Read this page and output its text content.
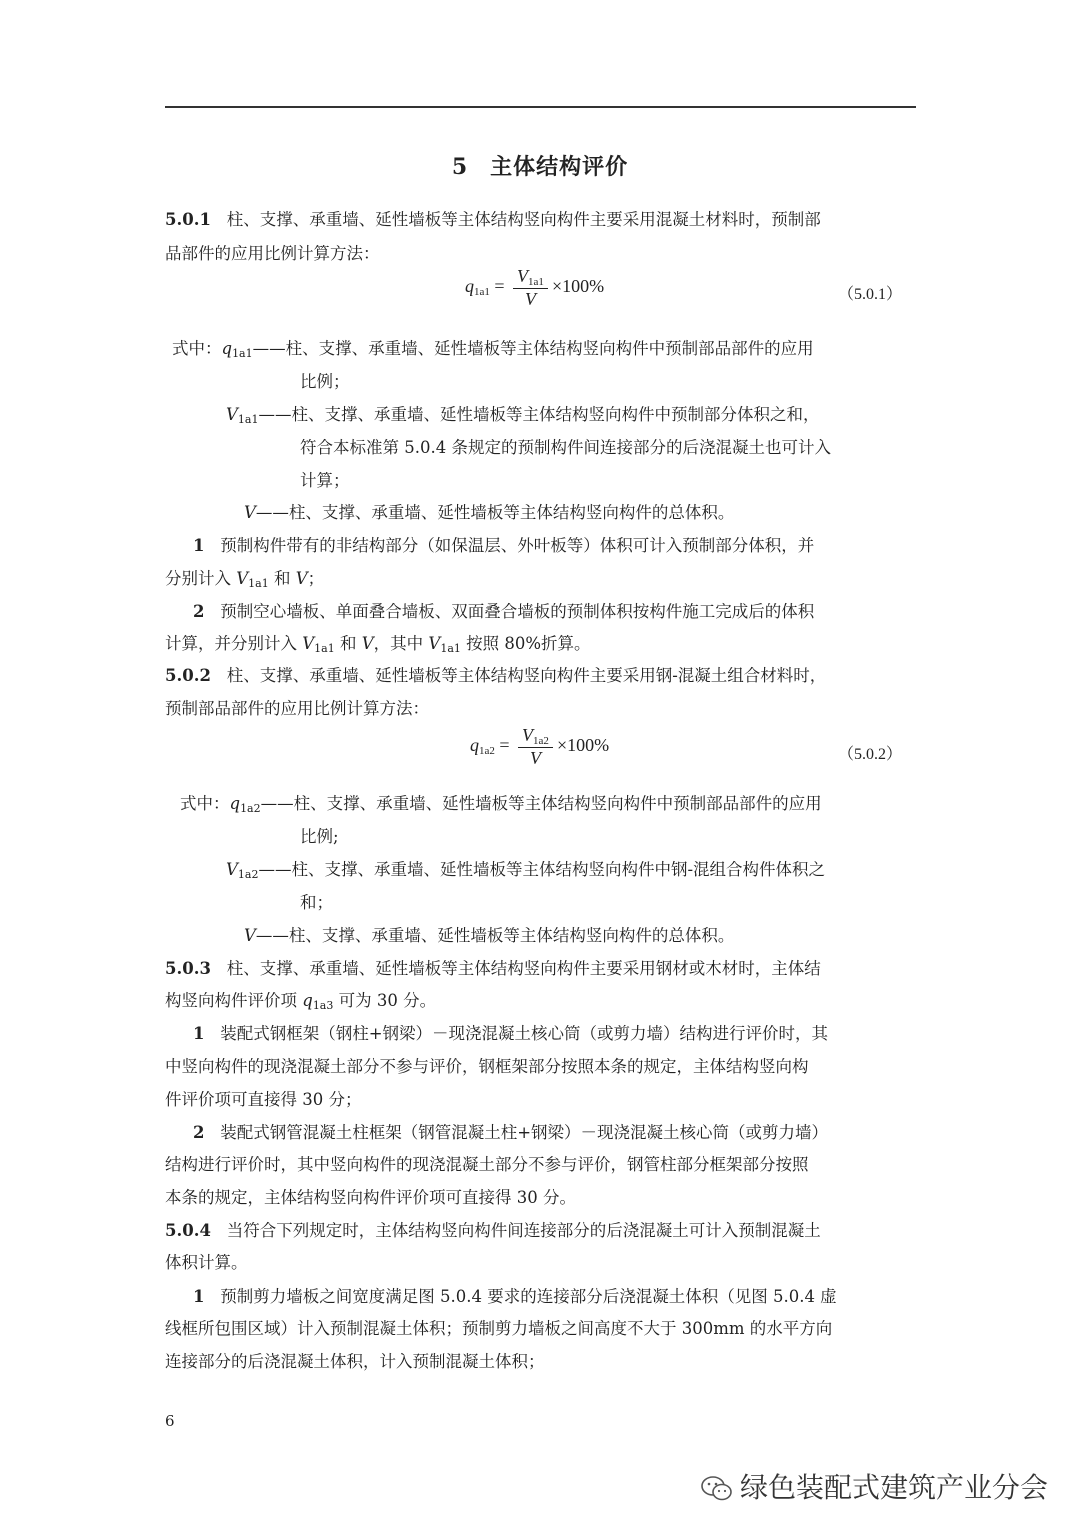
5 主体结构评价
5.0.1 柱、支撑、承重墙、延性墙板等主体结构竖向构件主要采用混凝土材料时，预制部
品部件的应用比例计算方法：
$q_{1a1} = \frac{V_{1a1}}{V} \times 100\%$	（5.0.1）
式中：$q_{1a1}——$柱、支撑、承重墙、延性墙板等主体结构竖向构件中预制部品部件的应用
比例；
$V_{1a1}——$柱、支撑、承重墙、延性墙板等主体结构竖向构件中预制部分体积之和，
符合本标准第 5.0.4 条规定的预制构件间连接部分的后浇混凝土也可计入
计算；
V——柱、支撑、承重墙、延性墙板等主体结构竖向构件的总体积。
1 预制构件带有的非结构部分（如保温层、外叶板等）体积可计入预制部分体积，并
分别计入 $V_{1a1}$ 和 V；
2 预制空心墙板、单面叠合墙板、双面叠合墙板的预制体积按构件施工完成后的体积
计算，并分别计入 $V_{1a1}$ 和 V，其中 $V_{1a1}$ 按照 80%折算。
5.0.2 柱、支撑、承重墙、延性墙板等主体结构竖向构件主要采用钢-混凝土组合材料时，
预制部品部件的应用比例计算方法：
$q_{1a2} = \frac{V_{1a2}}{V} \times 100\%$	（5.0.2）
式中：$q_{1a2}——$柱、支撑、承重墙、延性墙板等主体结构竖向构件中预制部品部件的应用
比例;
$V_{1a2}——$柱、支撑、承重墙、延性墙板等主体结构竖向构件中钢-混组合构件体积之
和；
V——柱、支撑、承重墙、延性墙板等主体结构竖向构件的总体积。
5.0.3 柱、支撑、承重墙、延性墙板等主体结构竖向构件主要采用钢材或木材时，主体结
构竖向构件评价项 $q_{1a3}$ 可为 30 分。
1 装配式钢框架（钢柱+钢梁）－现浇混凝土核心筒（或剪力墙）结构进行评价时，其
中竖向构件的现浇混凝土部分不参与评价，钢框架部分按照本条的规定，主体结构竖向构
件评价项可直接得 30 分；
2 装配式钢管混凝土柱框架（钢管混凝土柱+钢梁）－现浇混凝土核心筒（或剪力墙）
结构进行评价时，其中竖向构件的现浇混凝土部分不参与评价，钢管柱部分框架部分按照
本条的规定，主体结构竖向构件评价项可直接得 30 分。
5.0.4 当符合下列规定时，主体结构竖向构件间连接部分的后浇混凝土可计入预制混凝土
体积计算。
1 预制剪力墙板之间宽度满足图 5.0.4 要求的连接部分后浇混凝土体积（见图 5.0.4 虚
线框所包围区域）计入预制混凝土体积；预制剪力墙板之间高度不大于 300mm 的水平方向
连接部分的后浇混凝土体积，计入预制混凝土体积；
6
绿色装配式建筑产业分会
